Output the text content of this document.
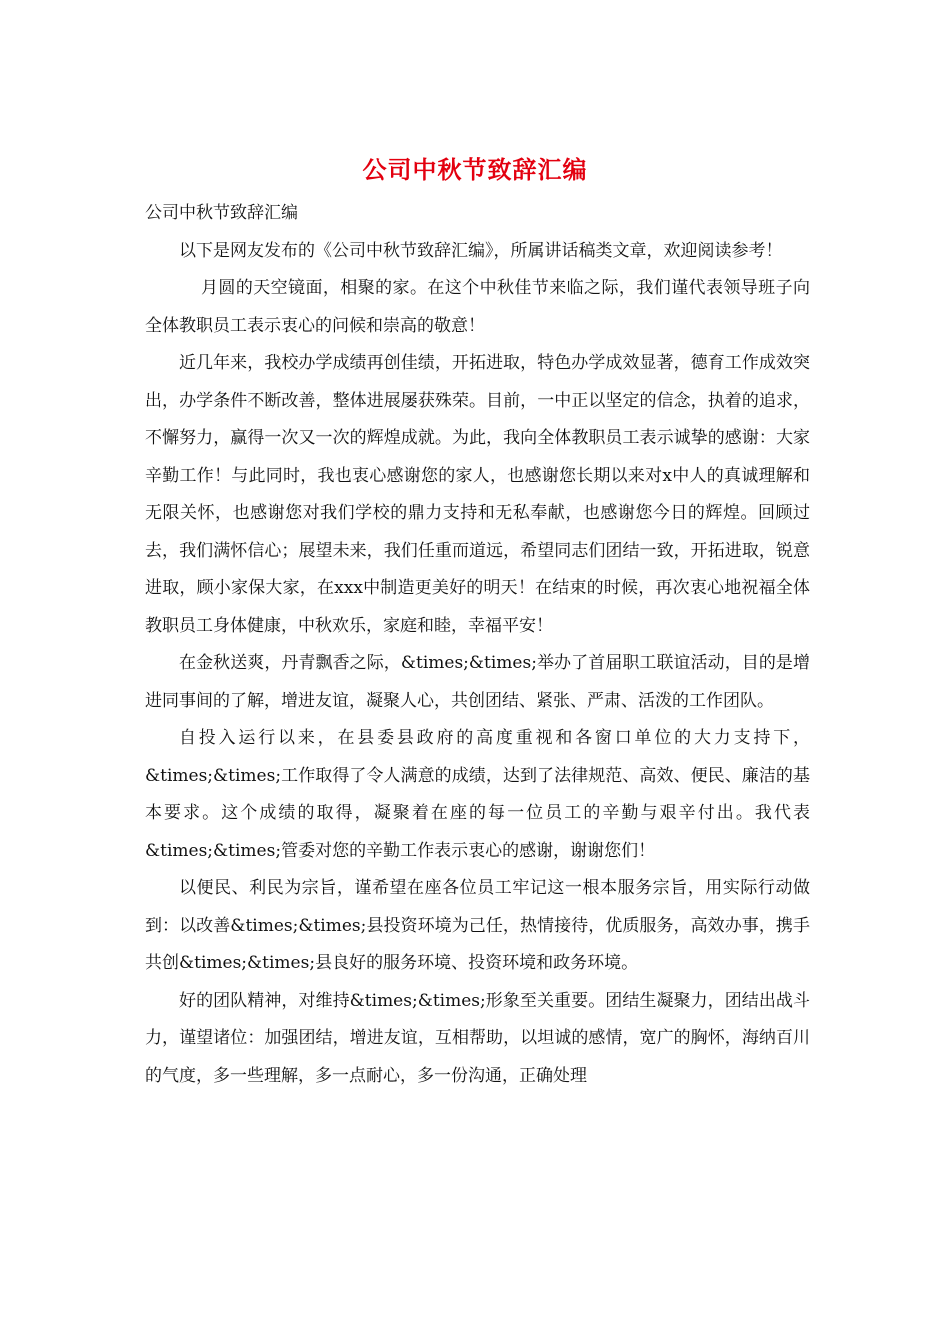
公司中秋节致辞汇编

公司中秋节致辞汇编

以下是网友发布的《公司中秋节致辞汇编》，所属讲话稿类文章，欢迎阅读参考！

月圆的天空镜面，相聚的家。在这个中秋佳节来临之际，我们谨代表领导班子向全体教职员工表示衷心的问候和崇高的敬意！

近几年来，我校办学成绩再创佳绩，开拓进取，特色办学成效显著，德育工作成效突出，办学条件不断改善，整体进展屡获殊荣。目前，一中正以坚定的信念，执着的追求，不懈努力，赢得一次又一次的辉煌成就。为此，我向全体教职员工表示诚挚的感谢：大家辛勤工作！与此同时，我也衷心感谢您的家人，也感谢您长期以来对x中人的真诚理解和无限关怀，也感谢您对我们学校的鼎力支持和无私奉献，也感谢您今日的辉煌。回顾过去，我们满怀信心；展望未来，我们任重而道远，希望同志们团结一致，开拓进取，锐意进取，顾小家保大家，在xxx中制造更美好的明天！在结束的时候，再次衷心地祝福全体教职员工身体健康，中秋欢乐，家庭和睦，幸福平安！

在金秋送爽，丹青飘香之际，&times;&times;举办了首届职工联谊活动，目的是增进同事间的了解，增进友谊，凝聚人心，共创团结、紧张、严肃、活泼的工作团队。

自投入运行以来，在县委县政府的高度重视和各窗口单位的大力支持下，&times;&times;工作取得了令人满意的成绩，达到了法律规范、高效、便民、廉洁的基本要求。这个成绩的取得，凝聚着在座的每一位员工的辛勤与艰辛付出。我代表&times;&times;管委对您的辛勤工作表示衷心的感谢，谢谢您们！

以便民、利民为宗旨，谨希望在座各位员工牢记这一根本服务宗旨，用实际行动做到：以改善&times;&times;县投资环境为己任，热情接待，优质服务，高效办事，携手共创&times;&times;县良好的服务环境、投资环境和政务环境。

好的团队精神，对维持&times;&times;形象至关重要。团结生凝聚力，团结出战斗力，谨望诸位：加强团结，增进友谊，互相帮助，以坦诚的感情，宽广的胸怀，海纳百川的气度，多一些理解，多一点耐心，多一份沟通，正确处理
